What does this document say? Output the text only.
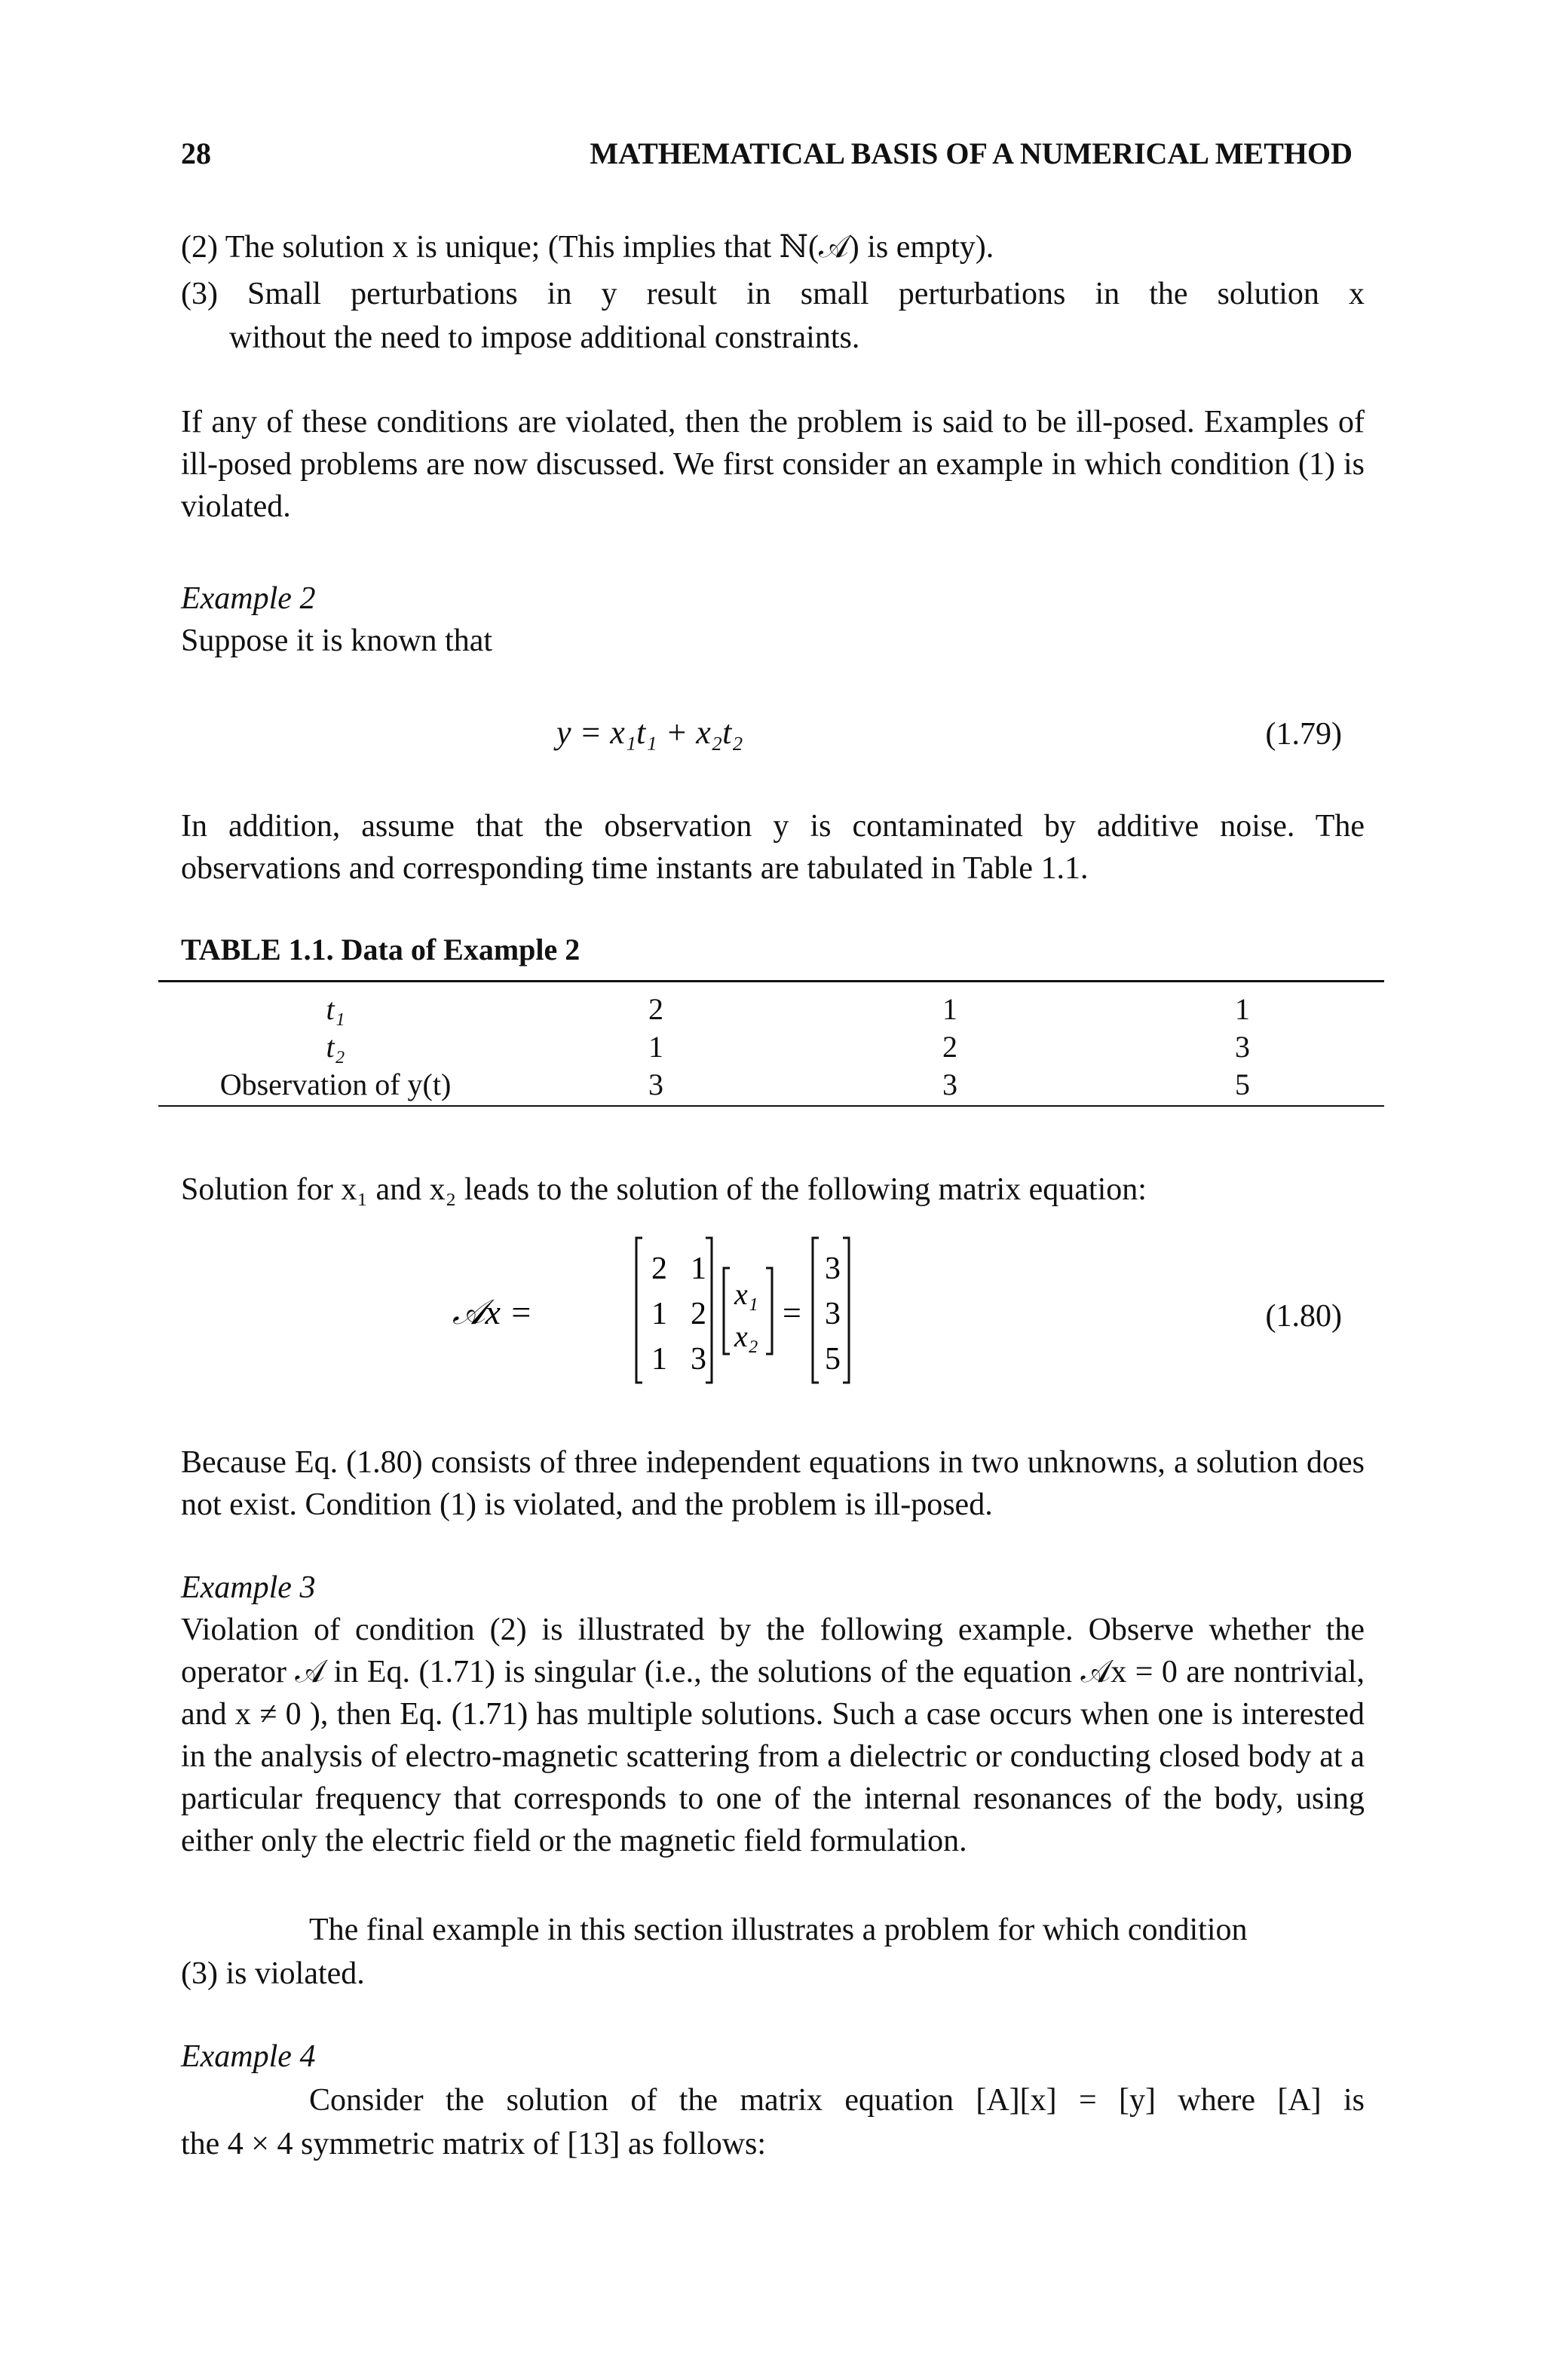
28	MATHEMATICAL BASIS OF A NUMERICAL METHOD
(2) The solution x is unique; (This implies that ℕ(𝒜) is empty).
(3) Small perturbations in y result in small perturbations in the solution x
without the need to impose additional constraints.
If any of these conditions are violated, then the problem is said to be ill-posed. Examples of ill-posed problems are now discussed. We first consider an example in which condition (1) is violated.
Example 2
Suppose it is known that
y = x₁t₁ + x₂t₂	(1.79)
In addition, assume that the observation y is contaminated by additive noise. The observations and corresponding time instants are tabulated in Table 1.1.
TABLE 1.1. Data of Example 2
t₁	2	1	1
t₂	1	2	3
Observation of y(t)	3	3	5
Solution for x₁ and x₂ leads to the solution of the following matrix equation:
𝒜x =
2 1
1 2
1 3
x₁
x₂
=
3
3
5
(1.80)
Because Eq. (1.80) consists of three independent equations in two unknowns, a solution does not exist. Condition (1) is violated, and the problem is ill-posed.
Example 3
Violation of condition (2) is illustrated by the following example. Observe whether the operator 𝒜 in Eq. (1.71) is singular (i.e., the solutions of the equation 𝒜x = 0 are nontrivial, and x ≠ 0 ), then Eq. (1.71) has multiple solutions. Such a case occurs when one is interested in the analysis of electro-magnetic scattering from a dielectric or conducting closed body at a particular frequency that corresponds to one of the internal resonances of the body, using either only the electric field or the magnetic field formulation.
The final example in this section illustrates a problem for which condition
(3) is violated.
Example 4
Consider the solution of the matrix equation [A][x] = [y] where [A] is
the 4 × 4 symmetric matrix of [13] as follows:
